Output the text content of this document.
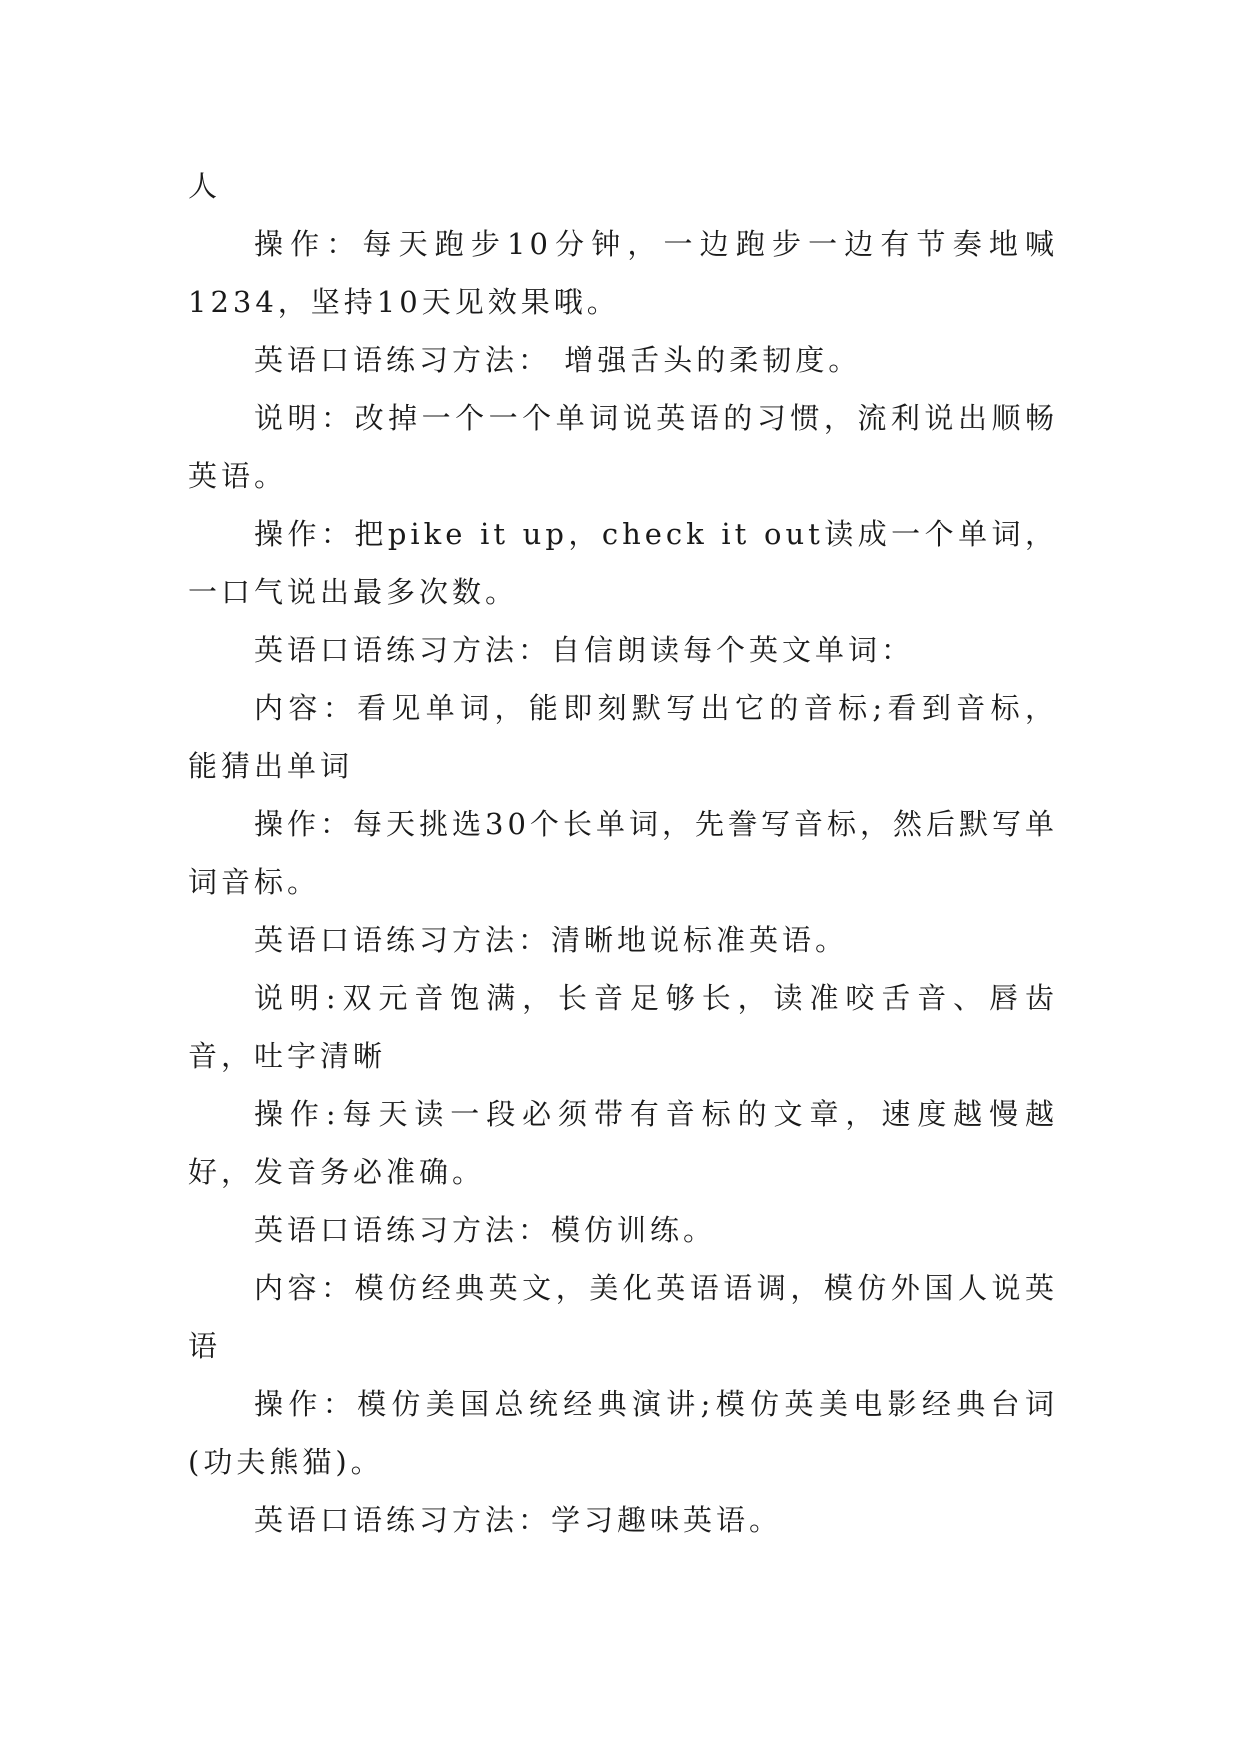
人

操作：每天跑步10分钟，一边跑步一边有节奏地喊1234，坚持10天见效果哦。

英语口语练习方法： 增强舌头的柔韧度。

说明：改掉一个一个单词说英语的习惯，流利说出顺畅英语。

操作：把pike it up，check it out读成一个单词，一口气说出最多次数。

英语口语练习方法：自信朗读每个英文单词：

内容：看见单词，能即刻默写出它的音标;看到音标，能猜出单词

操作：每天挑选30个长单词，先誊写音标，然后默写单词音标。

英语口语练习方法：清晰地说标准英语。

说明:双元音饱满，长音足够长，读准咬舌音、唇齿音，吐字清晰

操作:每天读一段必须带有音标的文章，速度越慢越好，发音务必准确。

英语口语练习方法：模仿训练。

内容：模仿经典英文，美化英语语调，模仿外国人说英语

操作：模仿美国总统经典演讲;模仿英美电影经典台词(功夫熊猫)。

英语口语练习方法：学习趣味英语。
